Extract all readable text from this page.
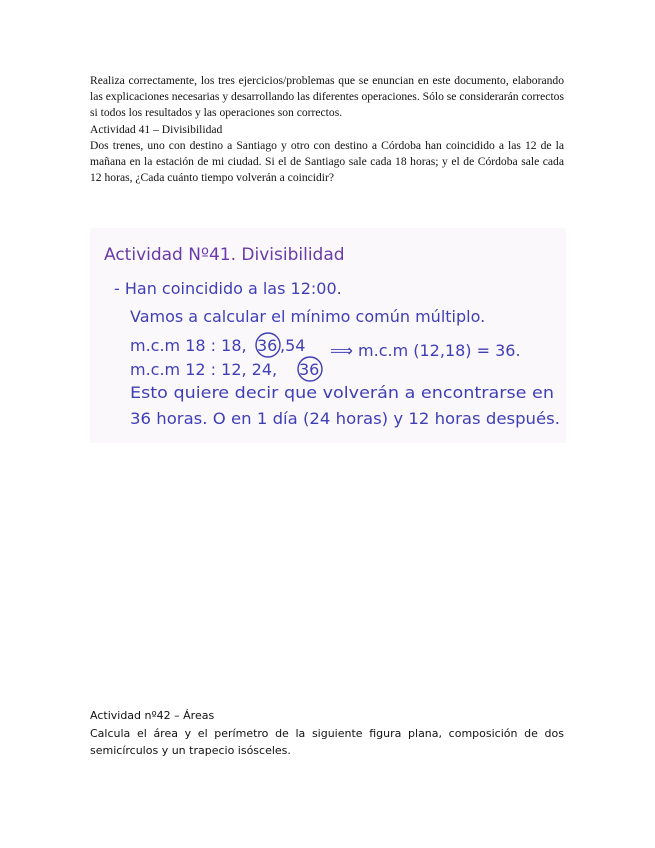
Realiza correctamente, los tres ejercicios/problemas que se enuncian en este documento, elaborando las explicaciones necesarias y desarrollando las diferentes operaciones. Sólo se considerarán correctos si todos los resultados y las operaciones son correctos.

Actividad 41 – Divisibilidad

Dos trenes, uno con destino a Santiago y otro con destino a Córdoba han coincidido a las 12 de la mañana en la estación de mi ciudad. Si el de Santiago sale cada 18 horas; y el de Córdoba sale cada 12 horas, ¿Cada cuánto tiempo volverán a coincidir?

Actividad Nº41. Divisibilidad
- Han coincidido a las 12:00.
Vamos a calcular el mínimo común múltiplo.
m.c.m 18 : 18, 36 ,54
m.c.m 12 : 12, 24, 36
⟹ m.c.m (12,18) = 36.
Esto quiere decir que volverán a encontrarse en
36 horas. O en 1 día (24 horas) y 12 horas después.

Actividad nº42 – Áreas

Calcula el área y el perímetro de la siguiente figura plana, composición de dos semicírculos y un trapecio isósceles.
